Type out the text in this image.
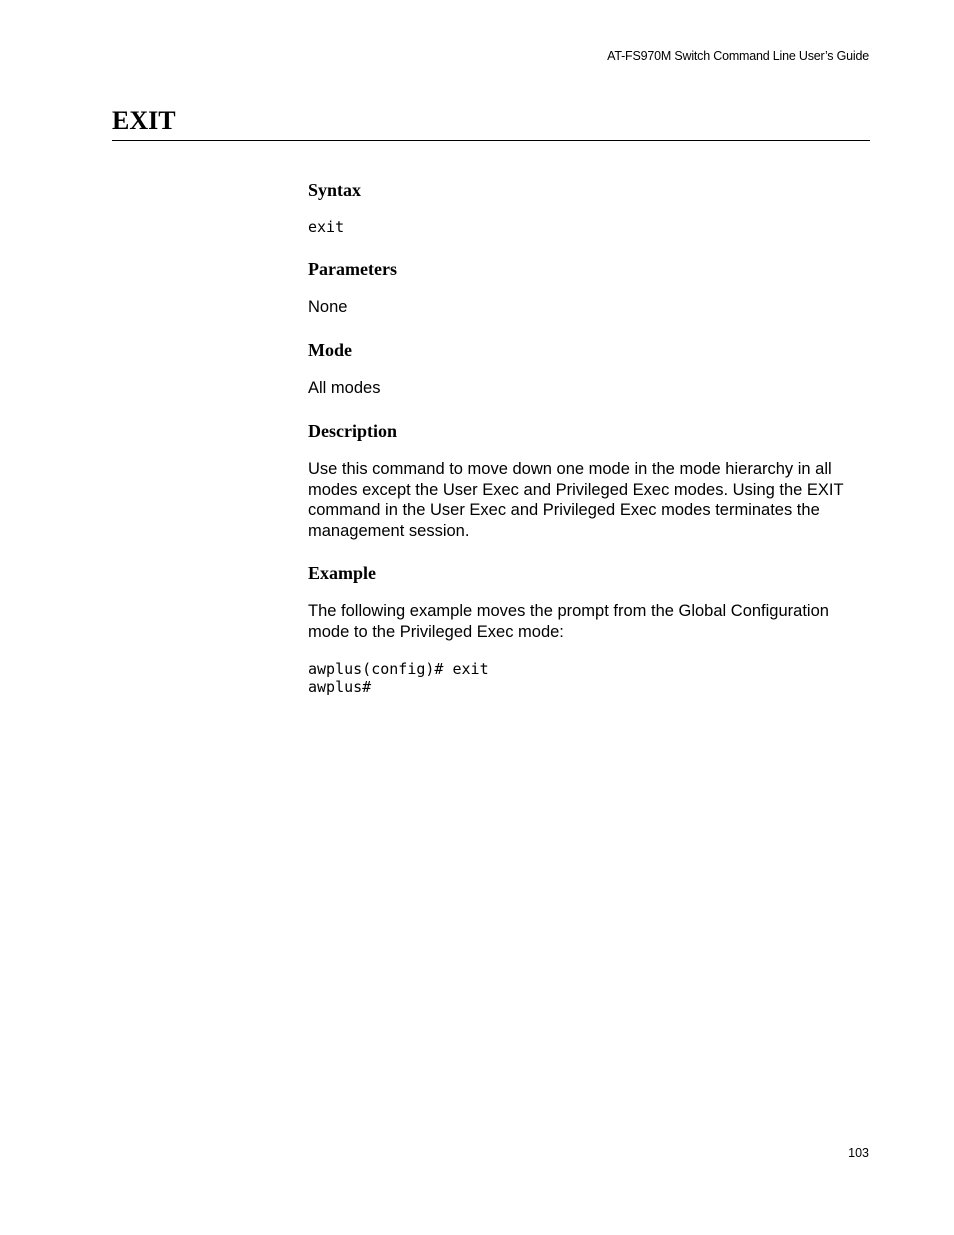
AT-FS970M Switch Command Line User’s Guide
EXIT
Syntax
exit
Parameters

None

Mode

All modes

Description

Use this command to move down one mode in the mode hierarchy in all modes except the User Exec and Privileged Exec modes. Using the EXIT command in the User Exec and Privileged Exec modes terminates the management session.

Example

The following example moves the prompt from the Global Configuration mode to the Privileged Exec mode:

awplus(config)# exit
awplus#
103
